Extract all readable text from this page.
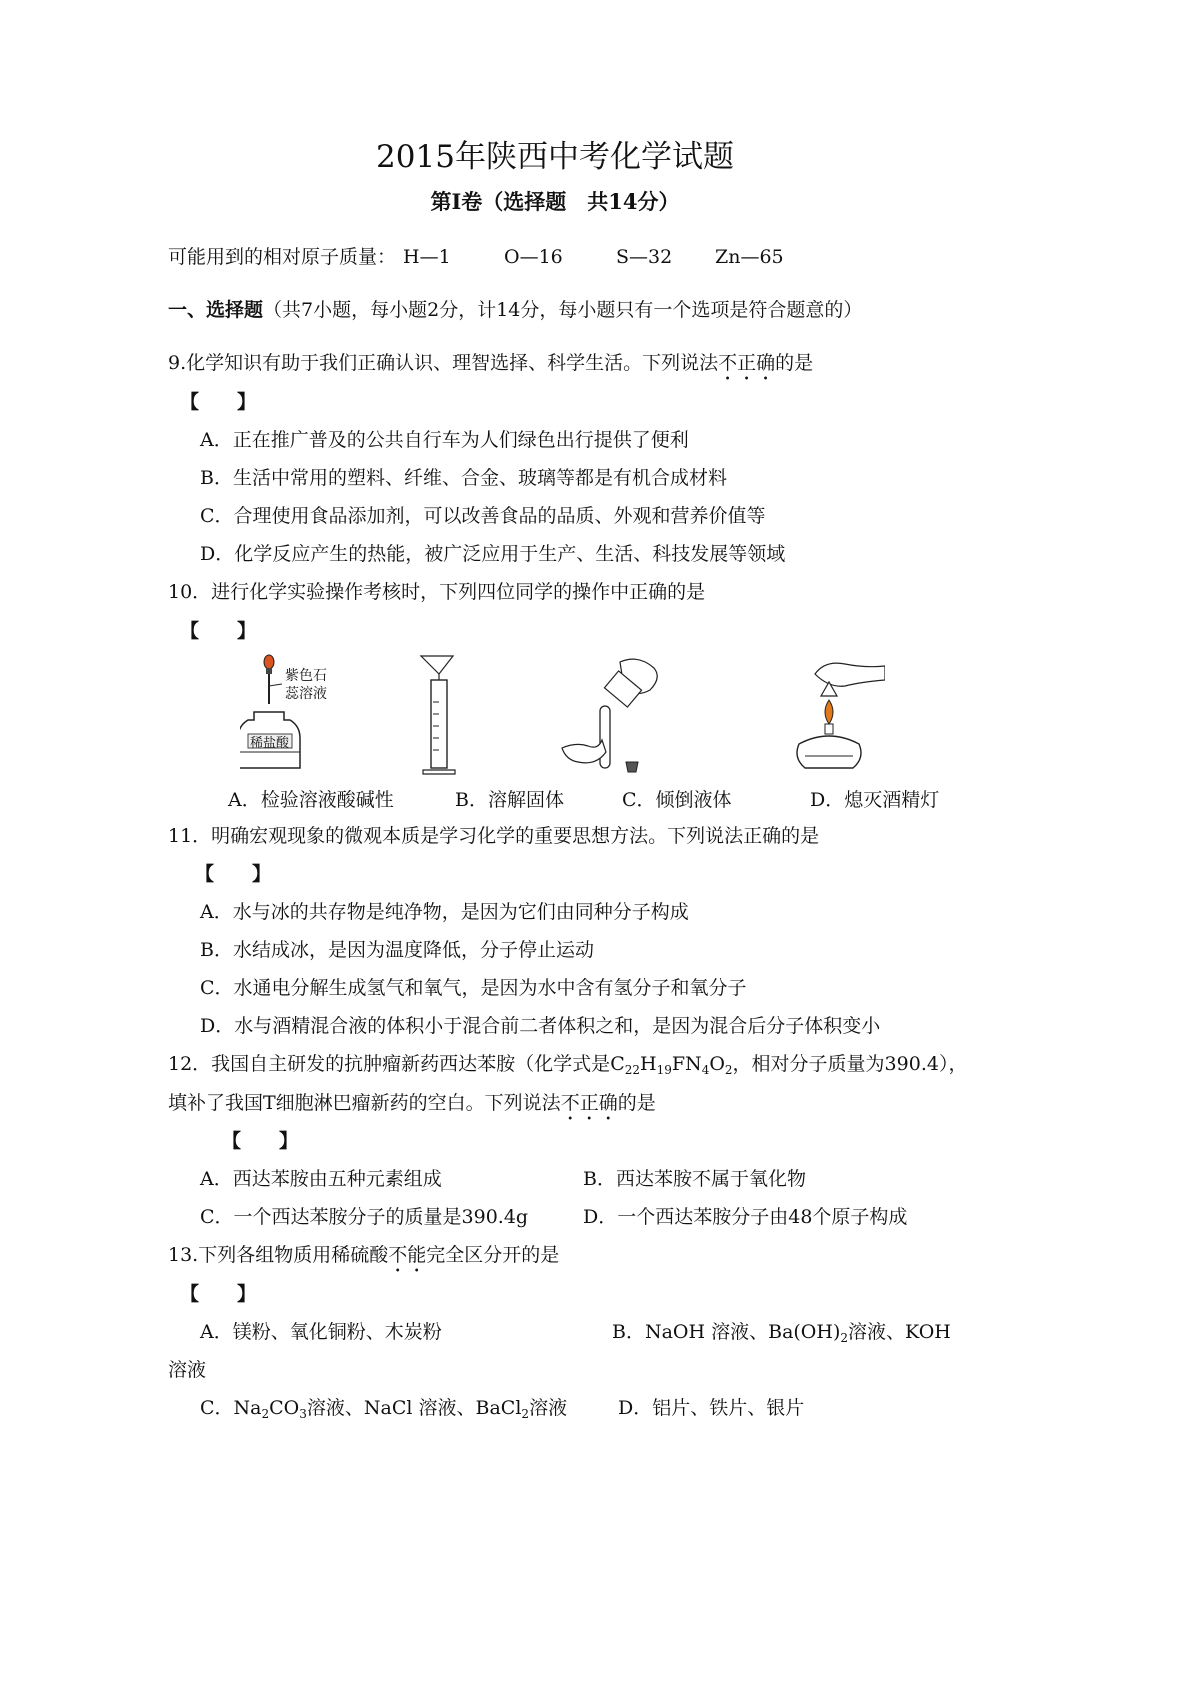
2015年陕西中考化学试题
第Ⅰ卷（选择题　共14分）
可能用到的相对原子质量： H—1	O—16	S—32 Zn—65
一、选择题（共7小题，每小题2分，计14分，每小题只有一个选项是符合题意的）
9.化学知识有助于我们正确认识、理智选择、科学生活。下列说法不正确的是
【　　】
A．正在推广普及的公共自行车为人们绿色出行提供了便利
B．生活中常用的塑料、纤维、合金、玻璃等都是有机合成材料
C．合理使用食品添加剂，可以改善食品的品质、外观和营养价值等
D．化学反应产生的热能，被广泛应用于生产、生活、科技发展等领域
10．进行化学实验操作考核时，下列四位同学的操作中正确的是
【　　】
紫色石蕊溶液
稀盐酸
A．检验溶液酸碱性	B．溶解固体	C．倾倒液体	D．熄灭酒精灯
11．明确宏观现象的微观本质是学习化学的重要思想方法。下列说法正确的是
【　　】
A．水与冰的共存物是纯净物，是因为它们由同种分子构成
B．水结成冰，是因为温度降低，分子停止运动
C．水通电分解生成氢气和氧气，是因为水中含有氢分子和氧分子
D．水与酒精混合液的体积小于混合前二者体积之和，是因为混合后分子体积变小
12．我国自主研发的抗肿瘤新药西达苯胺（化学式是$C_{22}H_{19}FN_4O_2$，相对分子质量为390.4），
填补了我国T细胞淋巴瘤新药的空白。下列说法不正确的是
【　　】
A．西达苯胺由五种元素组成	B．西达苯胺不属于氧化物
C．一个西达苯胺分子的质量是390.4g	D．一个西达苯胺分子由48个原子构成
13.下列各组物质用稀硫酸不能完全区分开的是
【　　】
A．镁粉、氧化铜粉、木炭粉	B．NaOH 溶液、$Ba(OH)_2$溶液、KOH
溶液
C．$Na_2CO_3$溶液、NaCl 溶液、BaCl$_2$溶液	D．铝片、铁片、银片
